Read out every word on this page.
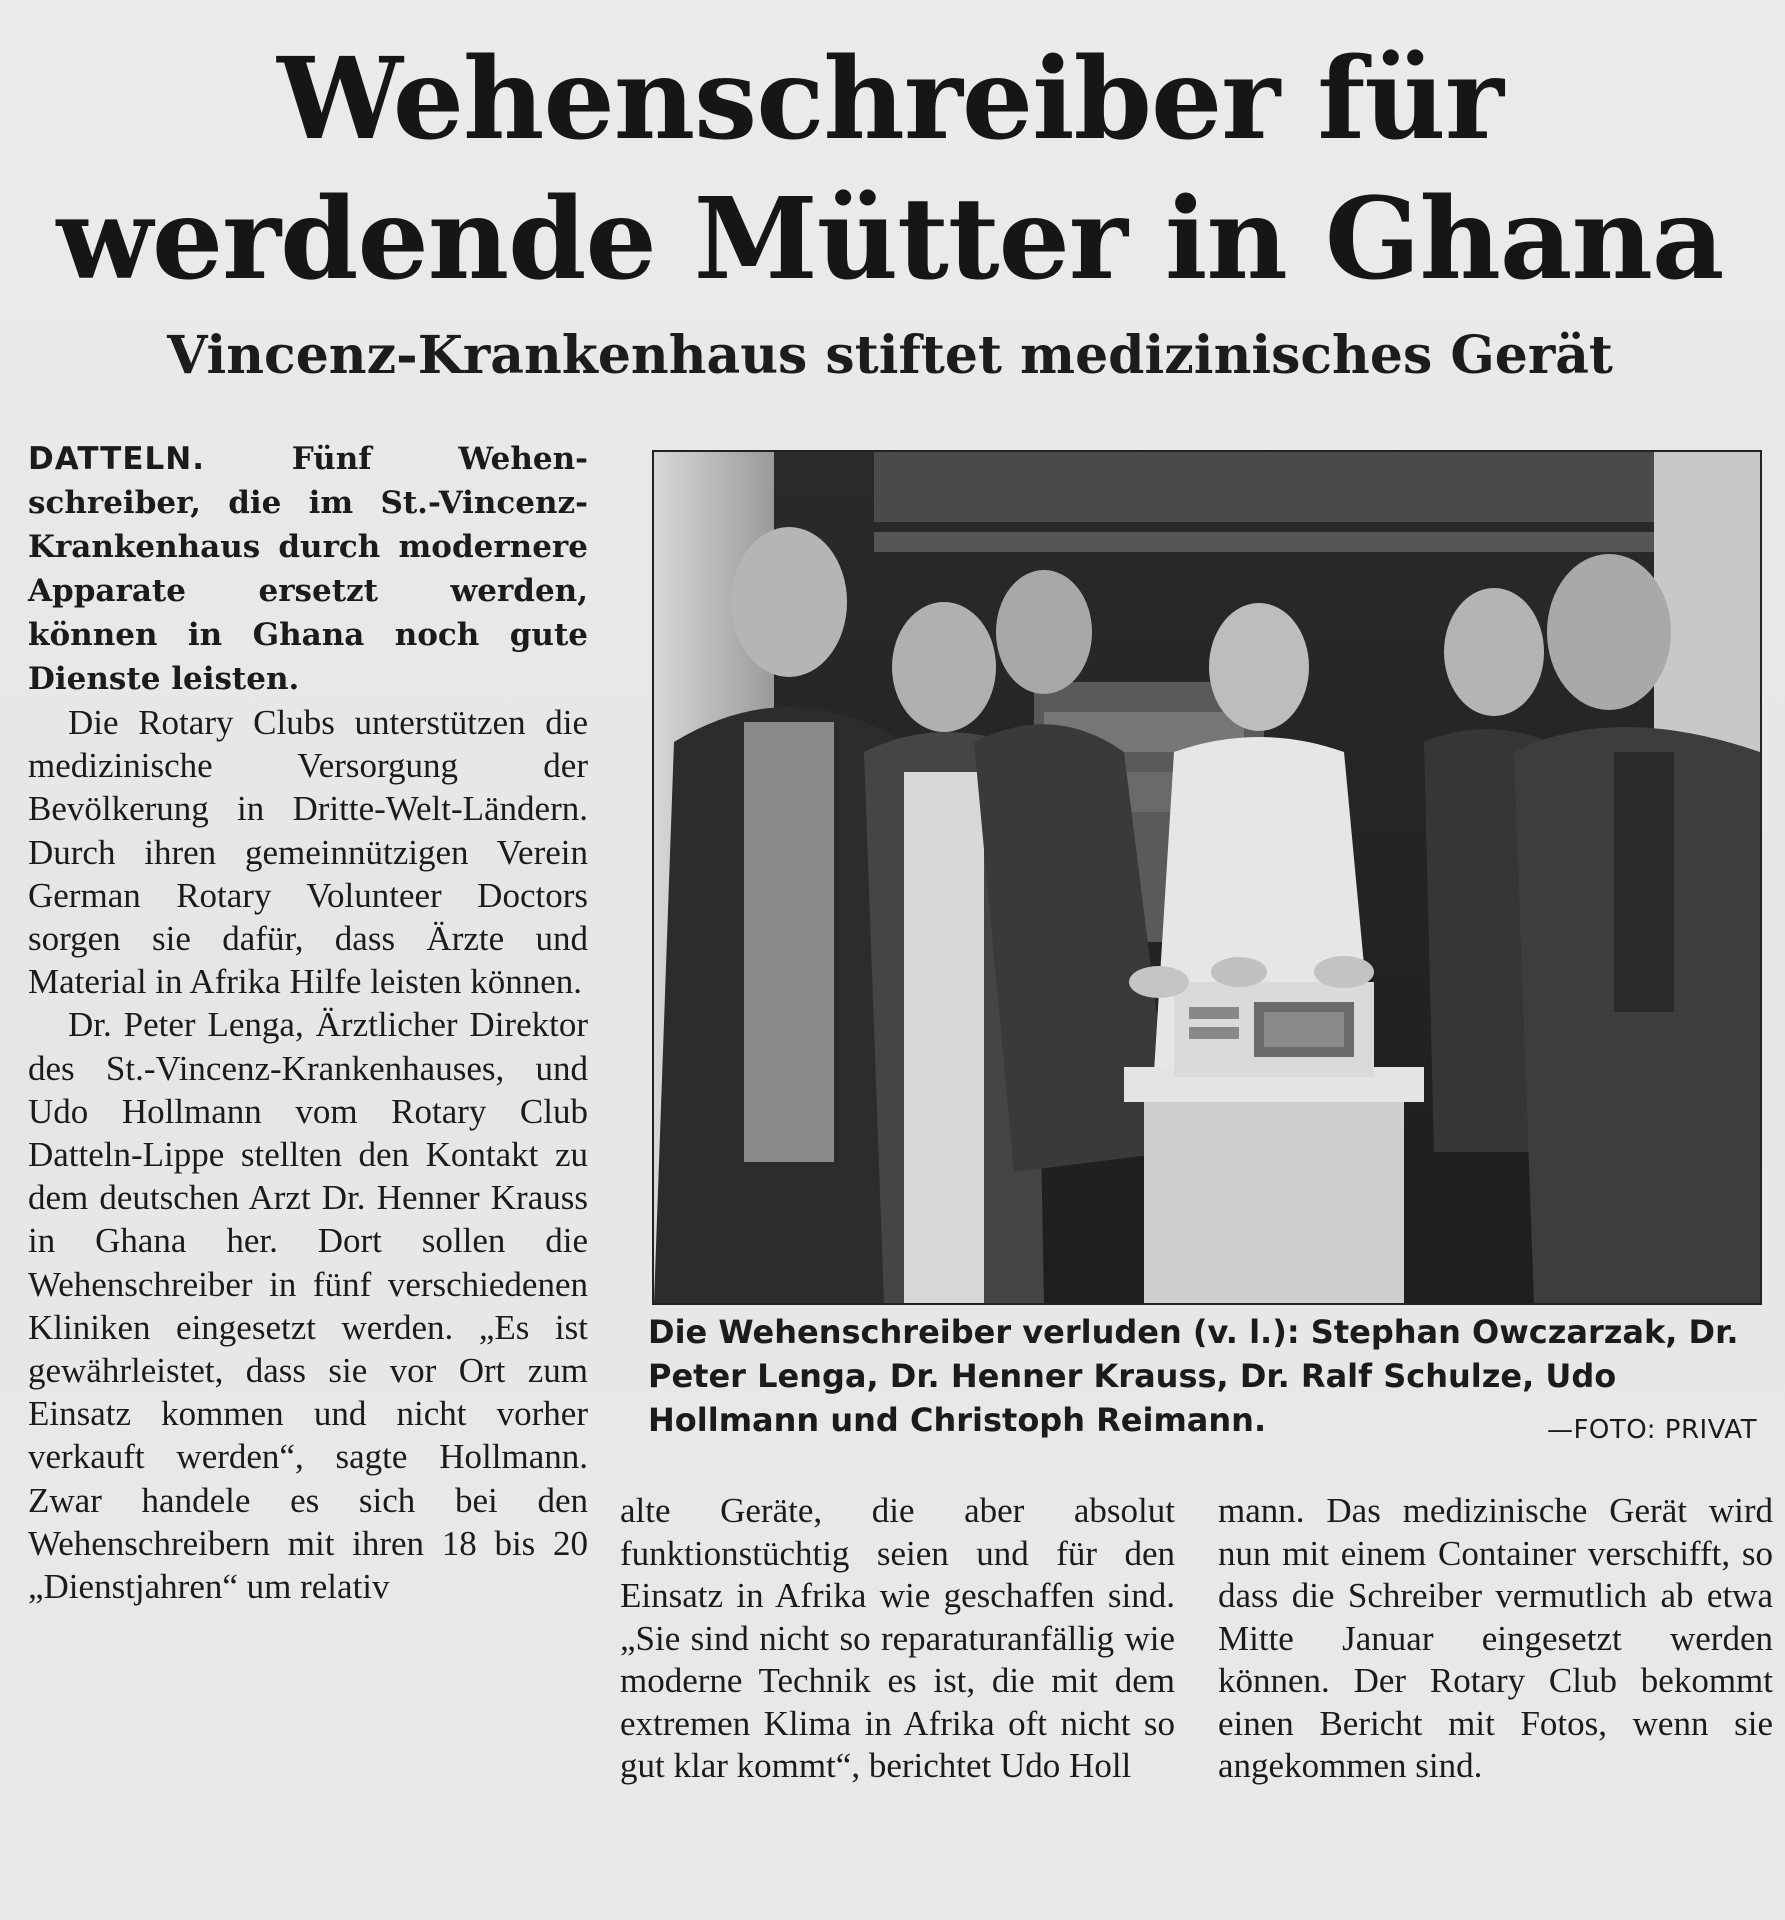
Wehenschreiber für
werdende Mütter in Ghana
Vincenz-Krankenhaus stiftet medizinisches Gerät

DATTELN.	Fünf Wehenschreiber, die im St.-Vincenz-Krankenhaus durch modernere Apparate ersetzt werden, können in Ghana noch gute Dienste leisten.

Die Rotary Clubs unterstützen die medizinische Versorgung der Bevölkerung in Dritte-Welt-Ländern. Durch ihren gemeinnützigen Verein German Rotary Volunteer Doctors sorgen sie dafür, dass Ärzte und Material in Afrika Hilfe leisten können.

Dr. Peter Lenga, Ärztlicher Direktor des St.-Vincenz-Krankenhauses, und Udo Hollmann vom Rotary Club Datteln-Lippe stellten den Kontakt zu dem deutschen Arzt Dr. Henner Krauss in Ghana her. Dort sollen die Wehenschreiber in fünf verschiedenen Kliniken eingesetzt werden. „Es ist gewährleistet, dass sie vor Ort zum Einsatz kommen und nicht vorher verkauft werden“, sagte Hollmann. Zwar handele es sich bei den Wehenschreibern mit ihren 18 bis 20 „Dienstjahren“ um relativ

Die Wehenschreiber verluden (v. l.): Stephan Owczarzak, Dr. Peter Lenga, Dr. Henner Krauss, Dr. Ralf Schulze, Udo Hollmann und Christoph Reimann.	—FOTO: PRIVAT

alte Geräte, die aber absolut funktionstüchtig seien und für den Einsatz in Afrika wie geschaffen sind. „Sie sind nicht so reparaturanfällig wie moderne Technik es ist, die mit dem extremen Klima in Afrika oft nicht so gut klar kommt“, berichtet Udo Holl

mann. Das medizinische Gerät wird nun mit einem Container verschifft, so dass die Schreiber vermutlich ab etwa Mitte Januar eingesetzt werden können. Der Rotary Club bekommt einen Bericht mit Fotos, wenn sie angekommen sind.
